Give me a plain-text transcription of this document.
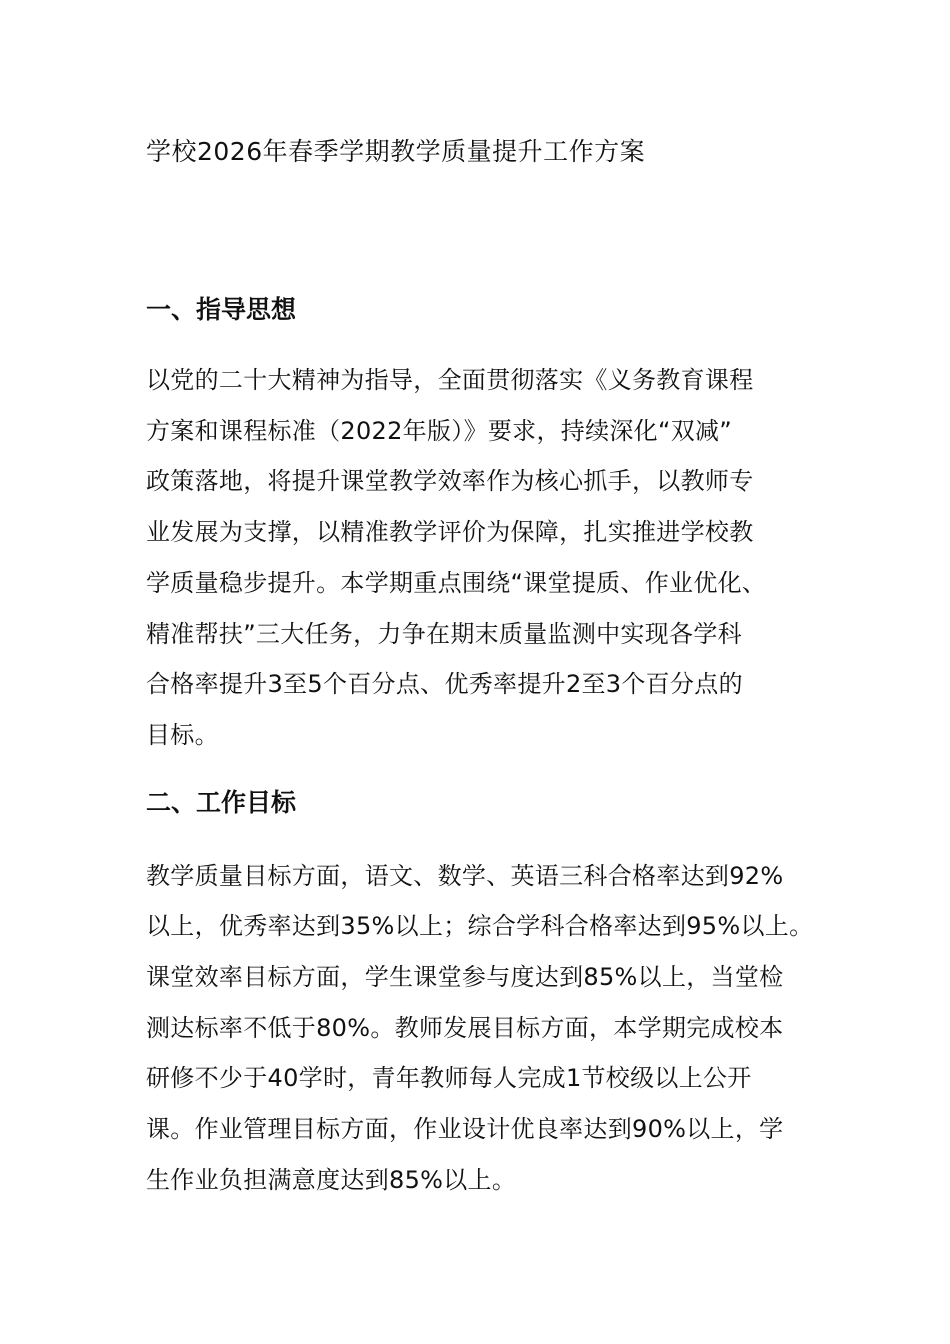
学校2026年春季学期教学质量提升工作方案
一、指导思想

以党的二十大精神为指导，全面贯彻落实《义务教育课程
方案和课程标准（2022年版）》要求，持续深化“双减”
政策落地，将提升课堂教学效率作为核心抓手，以教师专
业发展为支撑，以精准教学评价为保障，扎实推进学校教
学质量稳步提升。本学期重点围绕“课堂提质、作业优化、
精准帮扶”三大任务，力争在期末质量监测中实现各学科
合格率提升3至5个百分点、优秀率提升2至3个百分点的
目标。

二、工作目标

教学质量目标方面，语文、数学、英语三科合格率达到92%
以上，优秀率达到35%以上；综合学科合格率达到95%以上。
课堂效率目标方面，学生课堂参与度达到85%以上，当堂检
测达标率不低于80%。教师发展目标方面，本学期完成校本
研修不少于40学时，青年教师每人完成1节校级以上公开
课。作业管理目标方面，作业设计优良率达到90%以上，学
生作业负担满意度达到85%以上。
